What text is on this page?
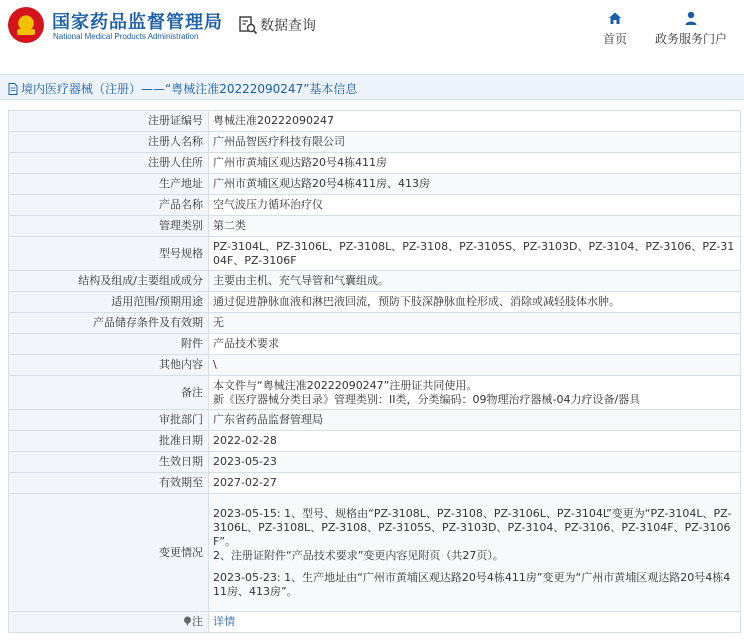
国家药品监督管理局
National Medical Products Administration
数据查询
首页	政务服务门户
境内医疗器械（注册）——“粤械注准20222090247”基本信息
注册证编号	粤械注准20222090247
注册人名称	广州品智医疗科技有限公司
注册人住所	广州市黄埔区观达路20号4栋411房
生产地址	广州市黄埔区观达路20号4栋411房、413房
产品名称	空气波压力循环治疗仪
管理类别	第二类
型号规格	PZ-3104L、PZ-3106L、PZ-3108L、PZ-3108、PZ-3105S、PZ-3103D、PZ-3104、PZ-3106、PZ-3104F、PZ-3106F
结构及组成/主要组成成分	主要由主机、充气导管和气囊组成。
适用范围/预期用途	通过促进静脉血液和淋巴液回流，预防下肢深静脉血栓形成、消除或减轻肢体水肿。
产品储存条件及有效期	无
附件	产品技术要求
其他内容	\
备注	本文件与“粤械注准20222090247”注册证共同使用。
新《医疗器械分类目录》管理类别：II类，分类编码：09物理治疗器械-04力疗设备/器具

审批部门	广东省药品监督管理局
批准日期	2022-02-28
生效日期	2023-05-23
有效期至	2027-02-27
变更情况	2023-05-15: 1、型号、规格由“PZ-3108L、PZ-3108、PZ-3106L、PZ-3104L”变更为“PZ-3104L、PZ-3106L、PZ-3108L、PZ-3108、PZ-3105S、PZ-3103D、PZ-3104、PZ-3106、PZ-3104F、PZ-3106F”。
2、注册证附件“产品技术要求”变更内容见附页（共27页）。
2023-05-23: 1、生产地址由“广州市黄埔区观达路20号4栋411房”变更为“广州市黄埔区观达路20号4栋411房、413房”。

注	详情
